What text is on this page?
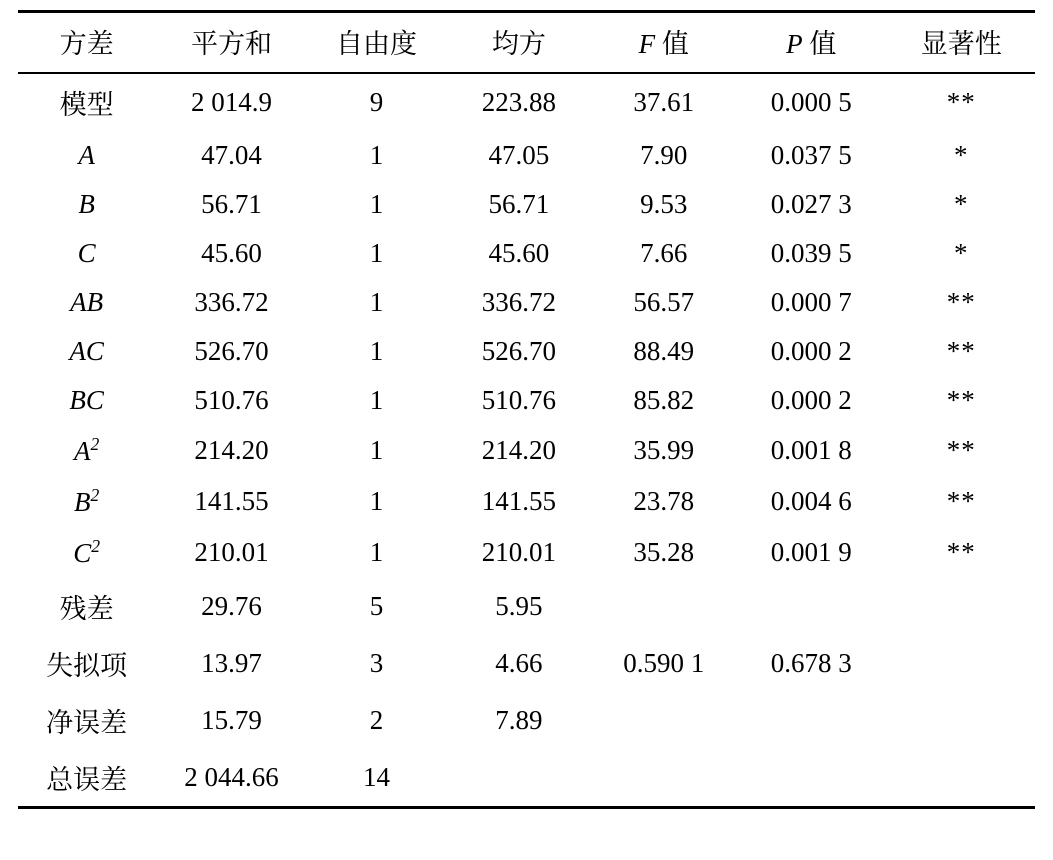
方差	平方和	自由度	均方	F 值	P 值	显著性
模型	2 014.9	9	223.88	37.61	0.000 5	**
A	47.04	1	47.05	7.90	0.037 5	*
B	56.71	1	56.71	9.53	0.027 3	*
C	45.60	1	45.60	7.66	0.039 5	*
AB	336.72	1	336.72	56.57	0.000 7	**
AC	526.70	1	526.70	88.49	0.000 2	**
BC	510.76	1	510.76	85.82	0.000 2	**
$A^2$	214.20	1	214.20	35.99	0.001 8	**
$B^2$	141.55	1	141.55	23.78	0.004 6	**
$C^2$	210.01	1	210.01	35.28	0.001 9	**
残差	29.76	5	5.95			
失拟项	13.97	3	4.66	0.590 1	0.678 3	
净误差	15.79	2	7.89			
总误差	2 044.66	14				
